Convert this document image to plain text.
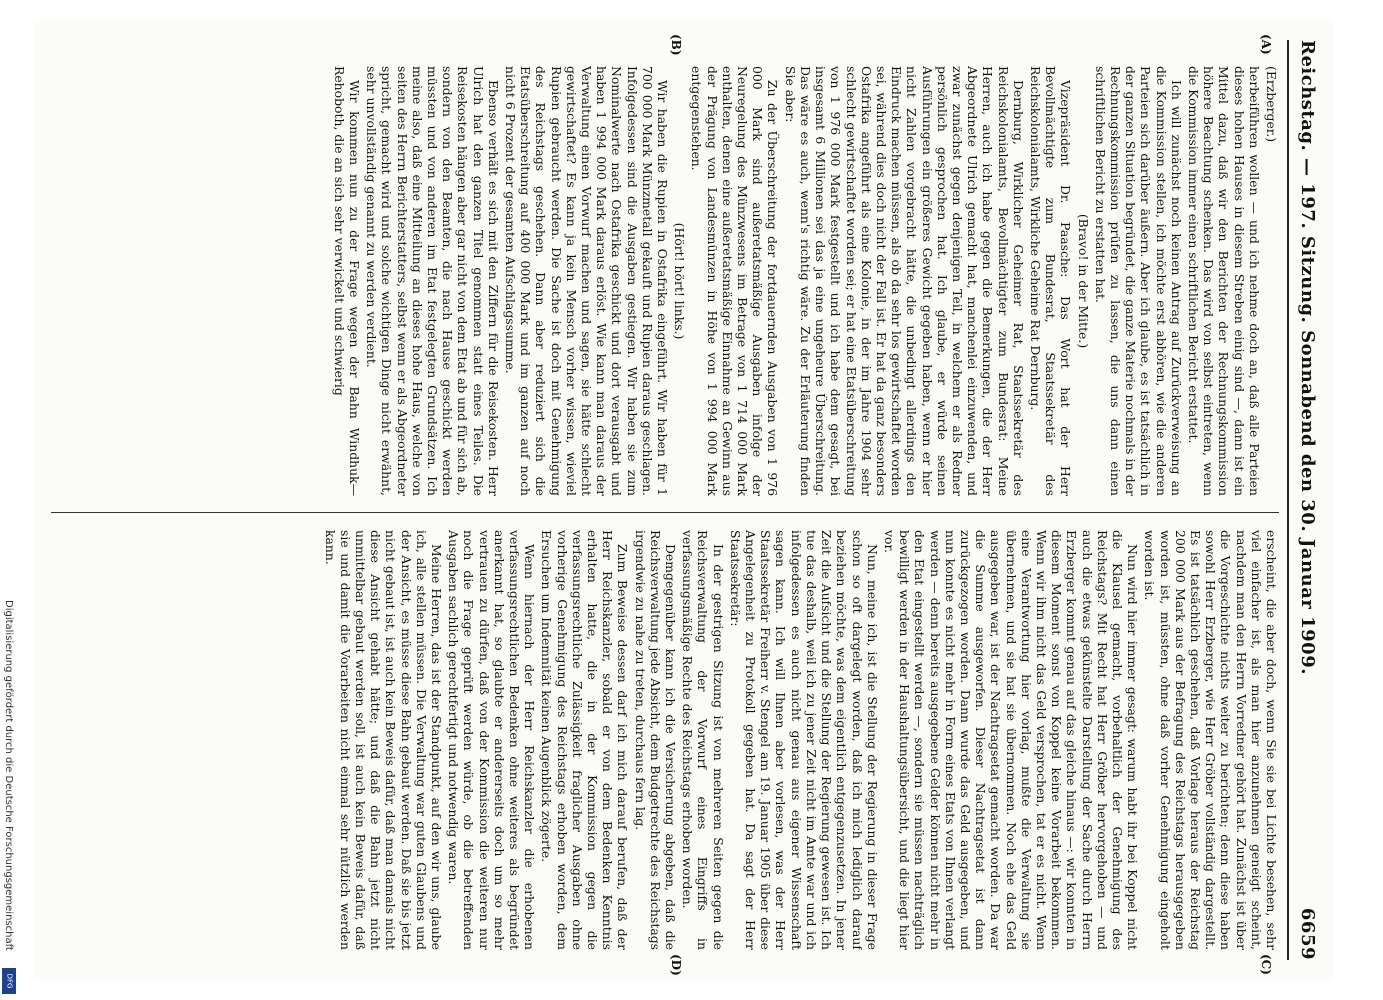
Reichstag. — 197. Sitzung. Sonnabend den 30. Januar 1909.
6659
(A)
(B)
(C)
(D)

(Erzberger.)

herbeiführen wollen — und ich nehme doch an, daß alle Parteien dieses hohen Hauses in diesem Streben einig sind —, dann ist ein Mittel dazu, daß wir den Berichten der Rechnungskommission höhere Beachtung schenken. Das wird von selbst eintreten, wenn die Kommission immer einen schriftlichen Bericht erstattet.

Ich will zunächst noch keinen Antrag auf Zurückverweisung an die Kommission stellen, ich möchte erst abhören, wie die anderen Parteien sich darüber äußern. Aber ich glaube, es ist tatsächlich in der ganzen Situation begründet, die ganze Materie nochmals in der Rechnungskommission prüfen zu lassen, die uns dann einen schriftlichen Bericht zu erstatten hat.

(Bravo! in der Mitte.)

Vizepräsident Dr. Paasche: Das Wort hat der Herr Bevollmächtigte zum Bundesrat, Staatssekretär des Reichskolonialamts, Wirkliche Geheime Rat Dernburg.

Dernburg, Wirklicher Geheimer Rat, Staatssekretär des Reichskolonialamts, Bevollmächtigter zum Bundesrat: Meine Herren, auch ich habe gegen die Bemerkungen, die der Herr Abgeordnete Ulrich gemacht hat, manchenlei einzuwenden, und zwar zunächst gegen denjenigen Teil, in welchem er als Redner persönlich gesprochen hat. Ich glaube, er würde seinen Ausführungen ein größeres Gewicht gegeben haben, wenn er hier nicht Zahlen vorgebracht hätte, die unbedingt allerdings den Eindruck machen müssen, als ob da sehr los gewirtschaftet worden sei, während dies doch nicht der Fall ist. Er hat da ganz besonders Ostafrika angeführt als eine Kolonie, in der im Jahre 1904 sehr schlecht gewirtschaftet worden sei; er hat eine Etatsüberschreitung von 1 976 000 Mark festgestellt und ich habe dem gesagt, bei insgesamt 6 Millionen sei das ja eine ungeheure Überschreitung. Das wäre es auch, wenn's richtig wäre. Zu der Erläuterung finden Sie aber:

Zu der Überschreitung der fortdauernden Ausgaben von 1 976 000 Mark sind außeretatsmäßige Ausgaben infolge der Neuregelung des Münzwesens im Betrage von 1 714 000 Mark enthalten, denen eine außeretatsmäßige Einnahme an Gewinn aus der Prägung von Landesmünzen in Höhe von 1 994 000 Mark entgegenstehen.

(Hört! hört! links.)

Wir haben die Rupien in Ostafrika eingeführt. Wir haben für 1 700 000 Mark Münzmetall gekauft und Rupien daraus geschlagen. Infolgedessen sind die Ausgaben gestiegen. Wir haben sie zum Nominalwerte nach Ostafrika geschickt und dort verausgabt und haben 1 994 000 Mark daraus erlöst. Wie kann man daraus der Verwaltung einen Vorwurf machen und sagen, sie hätte schlecht gewirtschaftet? Es kann ja kein Mensch vorher wissen, wieviel Rupien gebraucht werden. Die Sache ist doch mit Genehmigung des Reichstags geschehen. Dann aber reduziert sich die Etatsüberschreitung auf 400 000 Mark und im ganzen auf noch nicht 6 Prozent der gesamten Aufschlagssumme.

Ebenso verhält es sich mit den Ziffern für die Reisekosten. Herr Ulrich hat den ganzen Titel genommen statt eines Teiles. Die Reisekosten hängen aber gar nicht von dem Etat ab und für sich ab, sondern von den Beamten, die nach Hause geschickt werden müssten und von anderen im Etat festgelegten Grundsätzen. Ich meine also, daß eine Mitteilung an dieses hohe Haus, welche von seiten des Herrn Berichterstatters, selbst wenn er als Abgeordneter spricht, gemacht wird und solche wichtigen Dinge nicht erwähnt, sehr unvollständig genannt zu werden verdient.

Wir kommen nun zu der Frage wegen der Bahn Windhuk—Rehoboth, die an sich sehr verwickelt und schwierig

erscheint, die aber doch, wenn Sie sie bei Lichte besehen, sehr viel einfacher ist, als man hier anzunehmen geneigt scheint, nachdem man den Herrn Vorredner gehört hat. Zunächst ist über die Vorgeschichte nichts weiter zu berichten; denn diese haben sowohl Herr Erzberger, wie Herr Gröber vollständig dargestellt. Es ist tatsächlich geschehen, daß Vorlage heraus der Reichstag 200 000 Mark aus der Befragung des Reichstags herausgegeben worden ist, müssten, ohne daß vorher Genehmigung eingeholt worden ist.

Nun wird hier immer gesagt: warum habt ihr bei Koppel nicht die Klausel gemacht, vorbehaltlich der Genehmigung des Reichstags? Mit Recht hat Herr Gröber hervorgehoben — und auch die etwas gekünstelte Darstellung der Sache durch Herrn Erzberger kommt genau auf das gleiche hinaus —: wir konnten in diesem Moment sonst von Koppel keine Vorarbeit bekommen. Wenn wir ihm nicht das Geld versprochen, tat er es nicht. Wenn eine Verantwortung hier vorlag, mußte die Verwaltung sie übernehmen, und sie hat sie übernommen. Noch ehe das Geld ausgegeben war, ist der Nachtragsetat gemacht worden. Da war die Summe ausgeworfen. Dieser Nachtragsetat ist dann zurückgezogen worden. Dann wurde das Geld ausgegeben, und nun konnte es nicht mehr in Form eines Etats von Ihnen verlangt werden — denn bereits ausgegebene Gelder können nicht mehr in den Etat eingestellt werden —, sondern sie müssen nachträglich bewilligt werden in der Haushaltungsübersicht, und die liegt hier vor.

Nun, meine ich, ist die Stellung der Regierung in dieser Frage schon so oft dargelegt worden, daß ich mich lediglich darauf beziehen möchte, was dem eigentlich entgegenzusetzen. In jener Zeit die Aufsicht und die Stellung der Regierung gewesen ist. Ich tue das deshalb, weil ich zu jener Zeit nicht im Amte war und ich infolgedessen es auch nicht genau aus eigener Wissenschaft sagen kann. Ich will Ihnen aber vorlesen, was der Herr Staatssekretär Freiherr v. Stengel am 19. Januar 1905 über diese Angelegenheit zu Protokoll gegeben hat. Da sagt der Herr Staatssekretär:

In der gestrigen Sitzung ist von mehreren Seiten gegen die Reichsverwaltung der Vorwurf eines Eingriffs in verfassungsmäßige Rechte des Reichstags erhoben worden.

Demgegenüber kann ich die Versicherung abgeben, daß die Reichsverwaltung jede Absicht, dem Budgetrechte des Reichstags irgendwie zu nahe zu treten, durchaus fern lag.

Zum Beweise dessen darf ich mich darauf berufen, daß der Herr Reichskanzler, sobald er von dem Bedenken Kenntnis erhalten hatte, die in der Kommission gegen die verfassungsrechtliche Zulässigkeit fraglicher Ausgaben ohne vorherige Genehmigung des Reichstags erhoben worden, dem Ersuchen um Indemnität keinen Augenblick zögerte.

Wenn hiernach der Herr Reichskanzler die erhobenen verfassungsrechtlichen Bedenken ohne weiteres als begründet anerkannt hat, so glaubte er andererseits doch um so mehr vertrauen zu dürfen, daß von der Kommission die weiteren nur noch die Frage geprüft werden würde, ob die betreffenden Ausgaben sachlich gerechtfertigt und notwendig waren.

Meine Herren, das ist der Standpunkt, auf den wir uns, glaube ich, alle stellen müssen. Die Verwaltung war guten Glaubens und der Ansicht, es müsse diese Bahn gebaut werden. Daß sie bis jetzt nicht gebaut ist, ist auch kein Beweis dafür, daß man damals nicht diese Ansicht gehabt hätte; und daß die Bahn jetzt nicht unmittelbar gebaut werden soll, ist auch kein Beweis dafür, daß sie und damit die Vorarbeiten nicht einmal sehr nützlich werden kann.

Digitalisierung gefördert durch die Deutsche Forschungsgemeinschaft
DFG
